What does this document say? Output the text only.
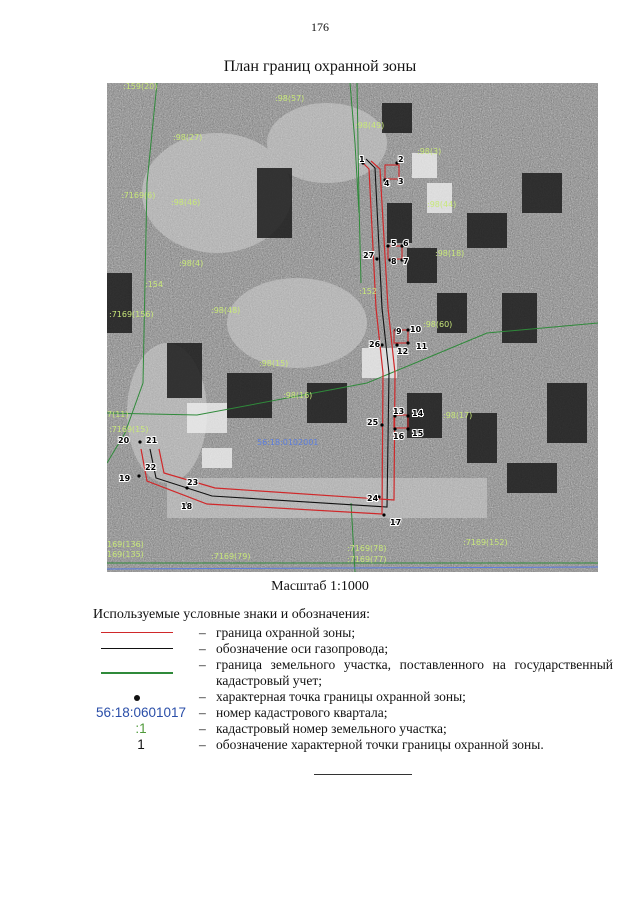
176
План границ охранной зоны
:159(20)
:98(57)
:98(27)
:98(49)
:98(3)
:7169(6)
:98(46)	:98(44)
:98(4)
:154
:98(18)
:152
:7169(156)	:98(48)
:98(60)
:98(15)
:98(16)
7(11)	:98(17)
:7169(15)
169(136)
169(135)	:7169(79)
:7169(78)
:7169(77)
:7169(152)
56:18:0102001
1	2
3
4
5 6
7
8
9 10
11
12
13 14
15
16
17
18
19
20 21
22
23
24
25
26
27
Масштаб 1:1000
Используемые условные знаки и обозначения:
– граница охранной зоны;
– обозначение оси газопровода;
– граница земельного участка, поставленного на государственный кадастровый учет;
– характерная точка границы охранной зоны;
56:18:0601017 – номер кадастрового квартала;
:1	– кадастровый номер земельного участка;
1	– обозначение характерной точки границы охранной зоны.
